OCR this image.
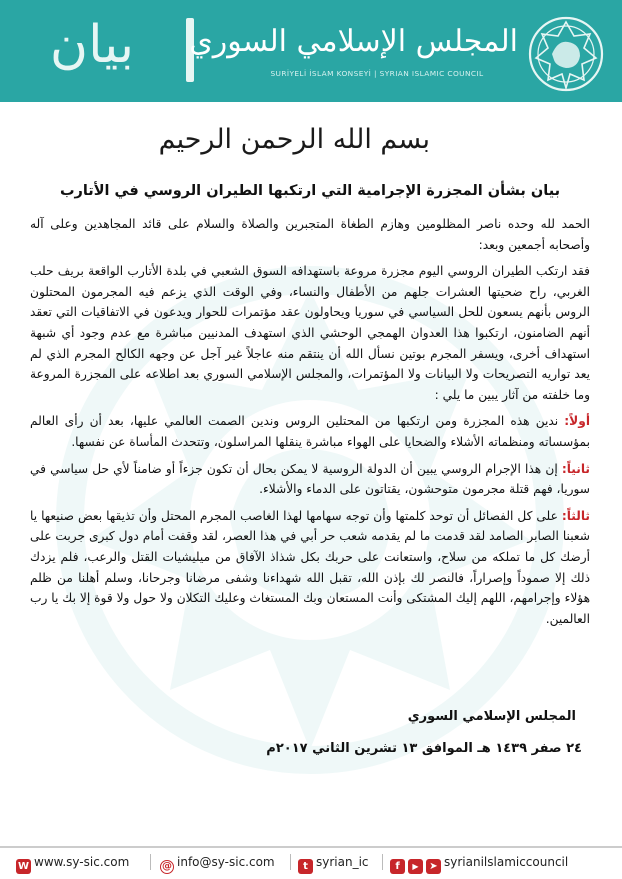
بيان	المجلس الإسلامي السوري
SURİYELİ İSLAM KONSEYİ | SYRIAN ISLAMIC COUNCIL
بسم الله الرحمن الرحيم
بيان بشأن المجزرة الإجرامية التي ارتكبها الطيران الروسي في الأتارب

الحمد لله وحده ناصر المظلومين وهازم الطغاة المتجبرين والصلاة والسلام على قائد المجاهدين وعلى آله وأصحابه أجمعين وبعد:

فقد ارتكب الطيران الروسي اليوم مجزرة مروعة باستهدافه السوق الشعبي في بلدة الأتارب الواقعة بريف حلب الغربي، راح ضحيتها العشرات جلهم من الأطفال والنساء، وفي الوقت الذي يزعم فيه المجرمون المحتلون الروس بأنهم يسعون للحل السياسي في سوريا ويحاولون عقد مؤتمرات للحوار ويدعون في الاتفاقيات التي تعقد أنهم الضامنون، ارتكبوا هذا العدوان الهمجي الوحشي الذي استهدف المدنيين مباشرة مع عدم وجود أي شبهة استهداف أخرى، ويسفر المجرم بوتين نسأل الله أن ينتقم منه عاجلاً غير آجل عن وجهه الكالح المجرم الذي لم يعد تواريه التصريحات ولا البيانات ولا المؤتمرات، والمجلس الإسلامي السوري بعد اطلاعه على المجزرة المروعة وما خلفته من آثار يبين ما يلي :

أولاً: ندين هذه المجزرة ومن ارتكبها من المحتلين الروس وندين الصمت العالمي عليها، بعد أن رأى العالم بمؤسساته ومنظماته الأشلاء والضحايا على الهواء مباشرة ينقلها المراسلون، وتتحدث المأساة عن نفسها.
ثانياً: إن هذا الإجرام الروسي يبين أن الدولة الروسية لا يمكن بحال أن تكون جزءاً أو ضامناً لأي حل سياسي في سوريا، فهم قتلة مجرمون متوحشون، يقتاتون على الدماء والأشلاء.
ثالثاً: على كل الفصائل أن توحد كلمتها وأن توجه سهامها لهذا الغاصب المجرم المحتل وأن تذيقها بعض صنيعها يا شعبنا الصابر الصامد لقد قدمت ما لم يقدمه شعب حر أبي في هذا العصر، لقد وقفت أمام دول كبرى جربت على أرضك كل ما تملكه من سلاح، واستعانت على حربك بكل شذاذ الآفاق من ميليشيات القتل والرعب، فلم يزدك ذلك إلا صموداً وإصراراً، فالنصر لك بإذن الله، تقبل الله شهداءنا وشفى مرضانا وجرحانا، وسلم أهلنا من ظلم هؤلاء وإجرامهم، اللهم إليك المشتكى وأنت المستعان وبك المستغاث وعليك التكلان ولا حول ولا قوة إلا بك يا رب العالمين.
المجلس الإسلامي السوري
٢٤ صفر ١٤٣٩ هـ الموافق ١٣ تشرين الثاني ٢٠١٧م
W www.sy-sic.com	@ info@sy-sic.com	t syrian_ic	f ▶ ➤ syrianilslamiccouncil
